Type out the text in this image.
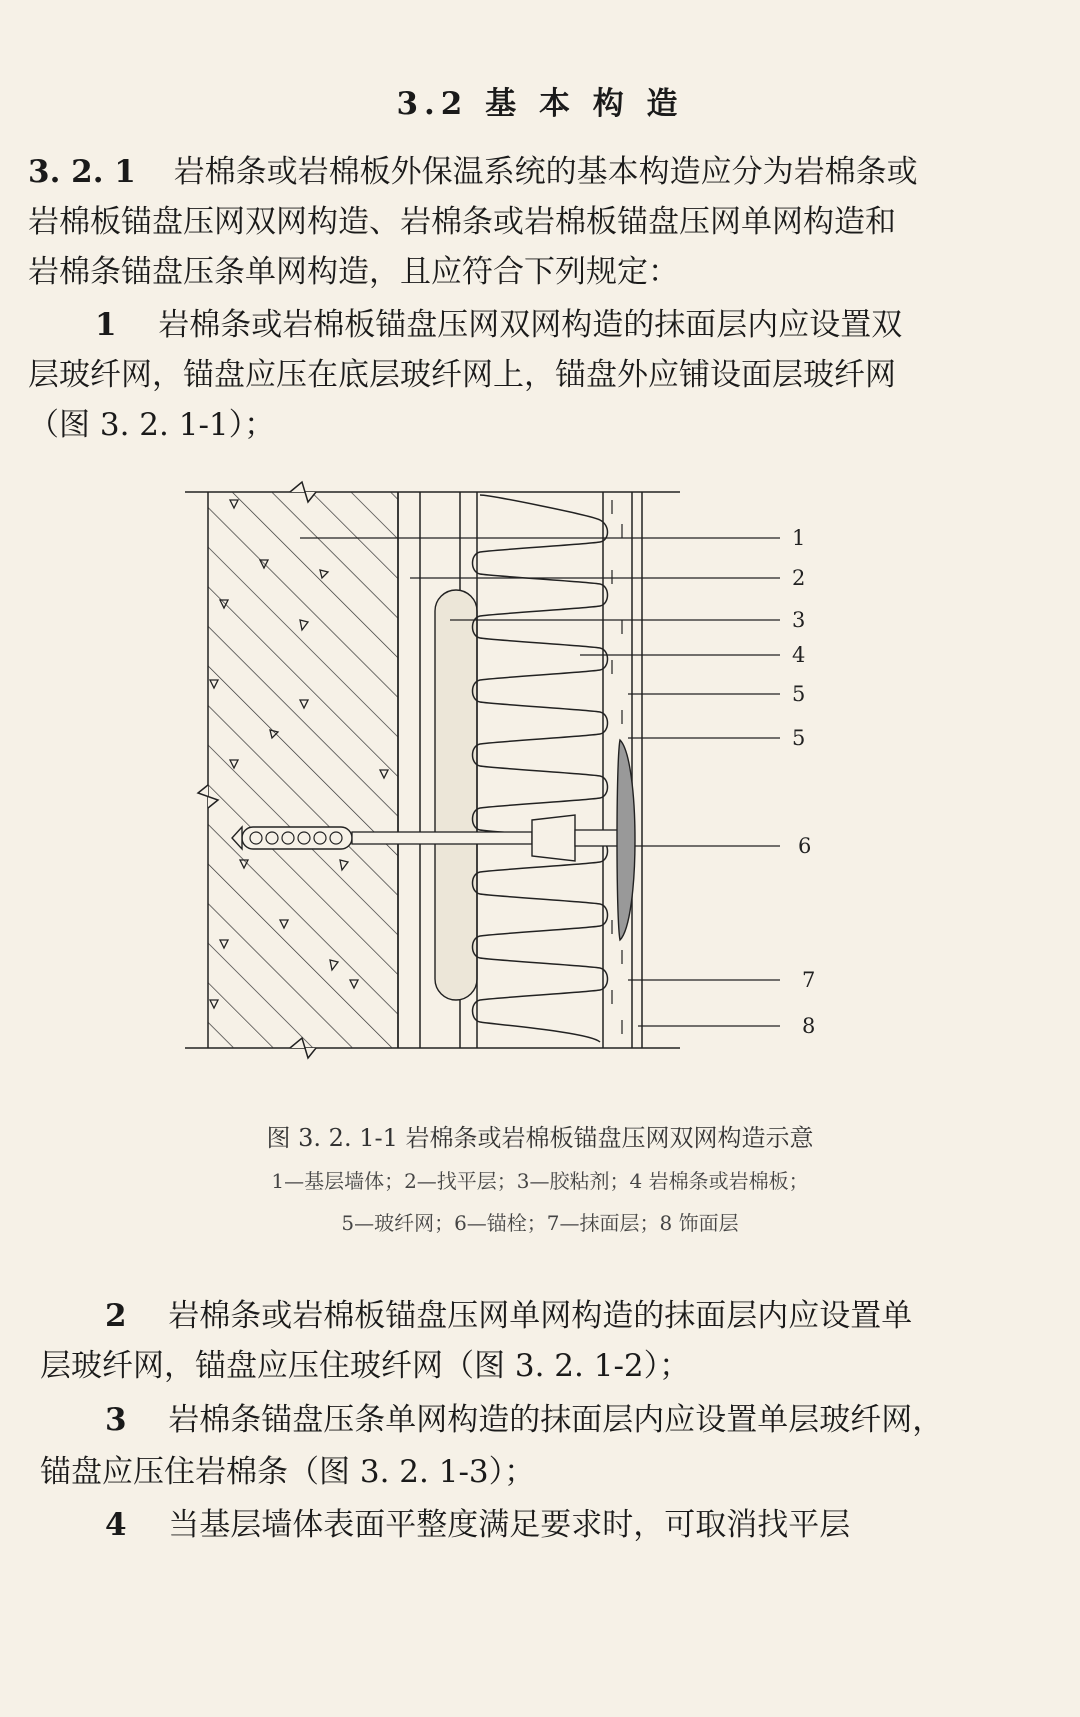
3.2 基 本 构 造
3. 2. 1 岩棉条或岩棉板外保温系统的基本构造应分为岩棉条或
岩棉板锚盘压网双网构造、岩棉条或岩棉板锚盘压网单网构造和
岩棉条锚盘压条单网构造，且应符合下列规定：
1 岩棉条或岩棉板锚盘压网双网构造的抹面层内应设置双
层玻纤网，锚盘应压在底层玻纤网上，锚盘外应铺设面层玻纤网
（图 3. 2. 1-1）；
1
2
3
4
5
5
6
7
8
图 3. 2. 1-1 岩棉条或岩棉板锚盘压网双网构造示意
1—基层墙体；2—找平层；3—胶粘剂；4 岩棉条或岩棉板；
5—玻纤网；6—锚栓；7—抹面层；8 饰面层
2 岩棉条或岩棉板锚盘压网单网构造的抹面层内应设置单
层玻纤网，锚盘应压住玻纤网（图 3. 2. 1-2）；
3 岩棉条锚盘压条单网构造的抹面层内应设置单层玻纤网，
锚盘应压住岩棉条（图 3. 2. 1-3）；
4 当基层墙体表面平整度满足要求时，可取消找平层
